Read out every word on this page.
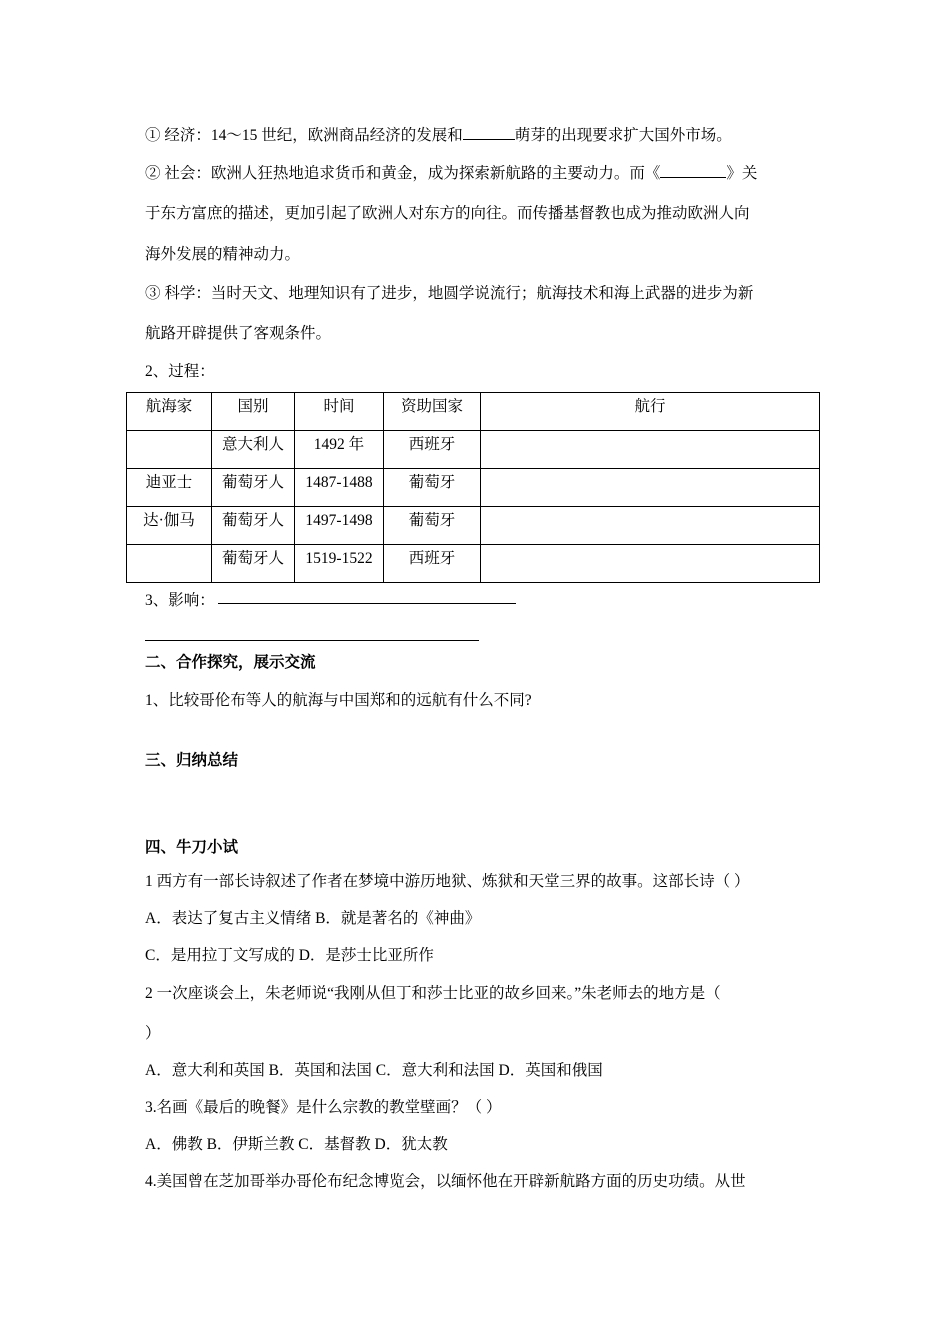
① 经济：14～15 世纪，欧洲商品经济的发展和	萌芽的出现要求扩大国外市场。
② 社会：欧洲人狂热地追求货币和黄金，成为探索新航路的主要动力。而《	》关
于东方富庶的描述，更加引起了欧洲人对东方的向往。而传播基督教也成为推动欧洲人向
海外发展的精神动力。
③ 科学：当时天文、地理知识有了进步，地圆学说流行；航海技术和海上武器的进步为新
航路开辟提供了客观条件。
2、过程：
航海家	国别	时间	资助国家	航行
	意大利人	1492 年	西班牙	
迪亚士	葡萄牙人	1487-1488	葡萄牙	
达·伽马	葡萄牙人	1497-1498	葡萄牙	
	葡萄牙人	1519-1522	西班牙	
3、影响：
二、合作探究，展示交流
1、比较哥伦布等人的航海与中国郑和的远航有什么不同?
三、归纳总结
四、牛刀小试
1 西方有一部长诗叙述了作者在梦境中游历地狱、炼狱和天堂三界的故事。这部长诗（ ）
A．表达了复古主义情绪 B．就是著名的《神曲》
C．是用拉丁文写成的 D．是莎士比亚所作
2 一次座谈会上，朱老师说“我刚从但丁和莎士比亚的故乡回来。”朱老师去的地方是（
）
A．意大利和英国 B．英国和法国 C．意大利和法国 D．英国和俄国
3.名画《最后的晚餐》是什么宗教的教堂壁画？（ ）
A．佛教 B．伊斯兰教 C．基督教 D．犹太教
4.美国曾在芝加哥举办哥伦布纪念博览会，以缅怀他在开辟新航路方面的历史功绩。从世
